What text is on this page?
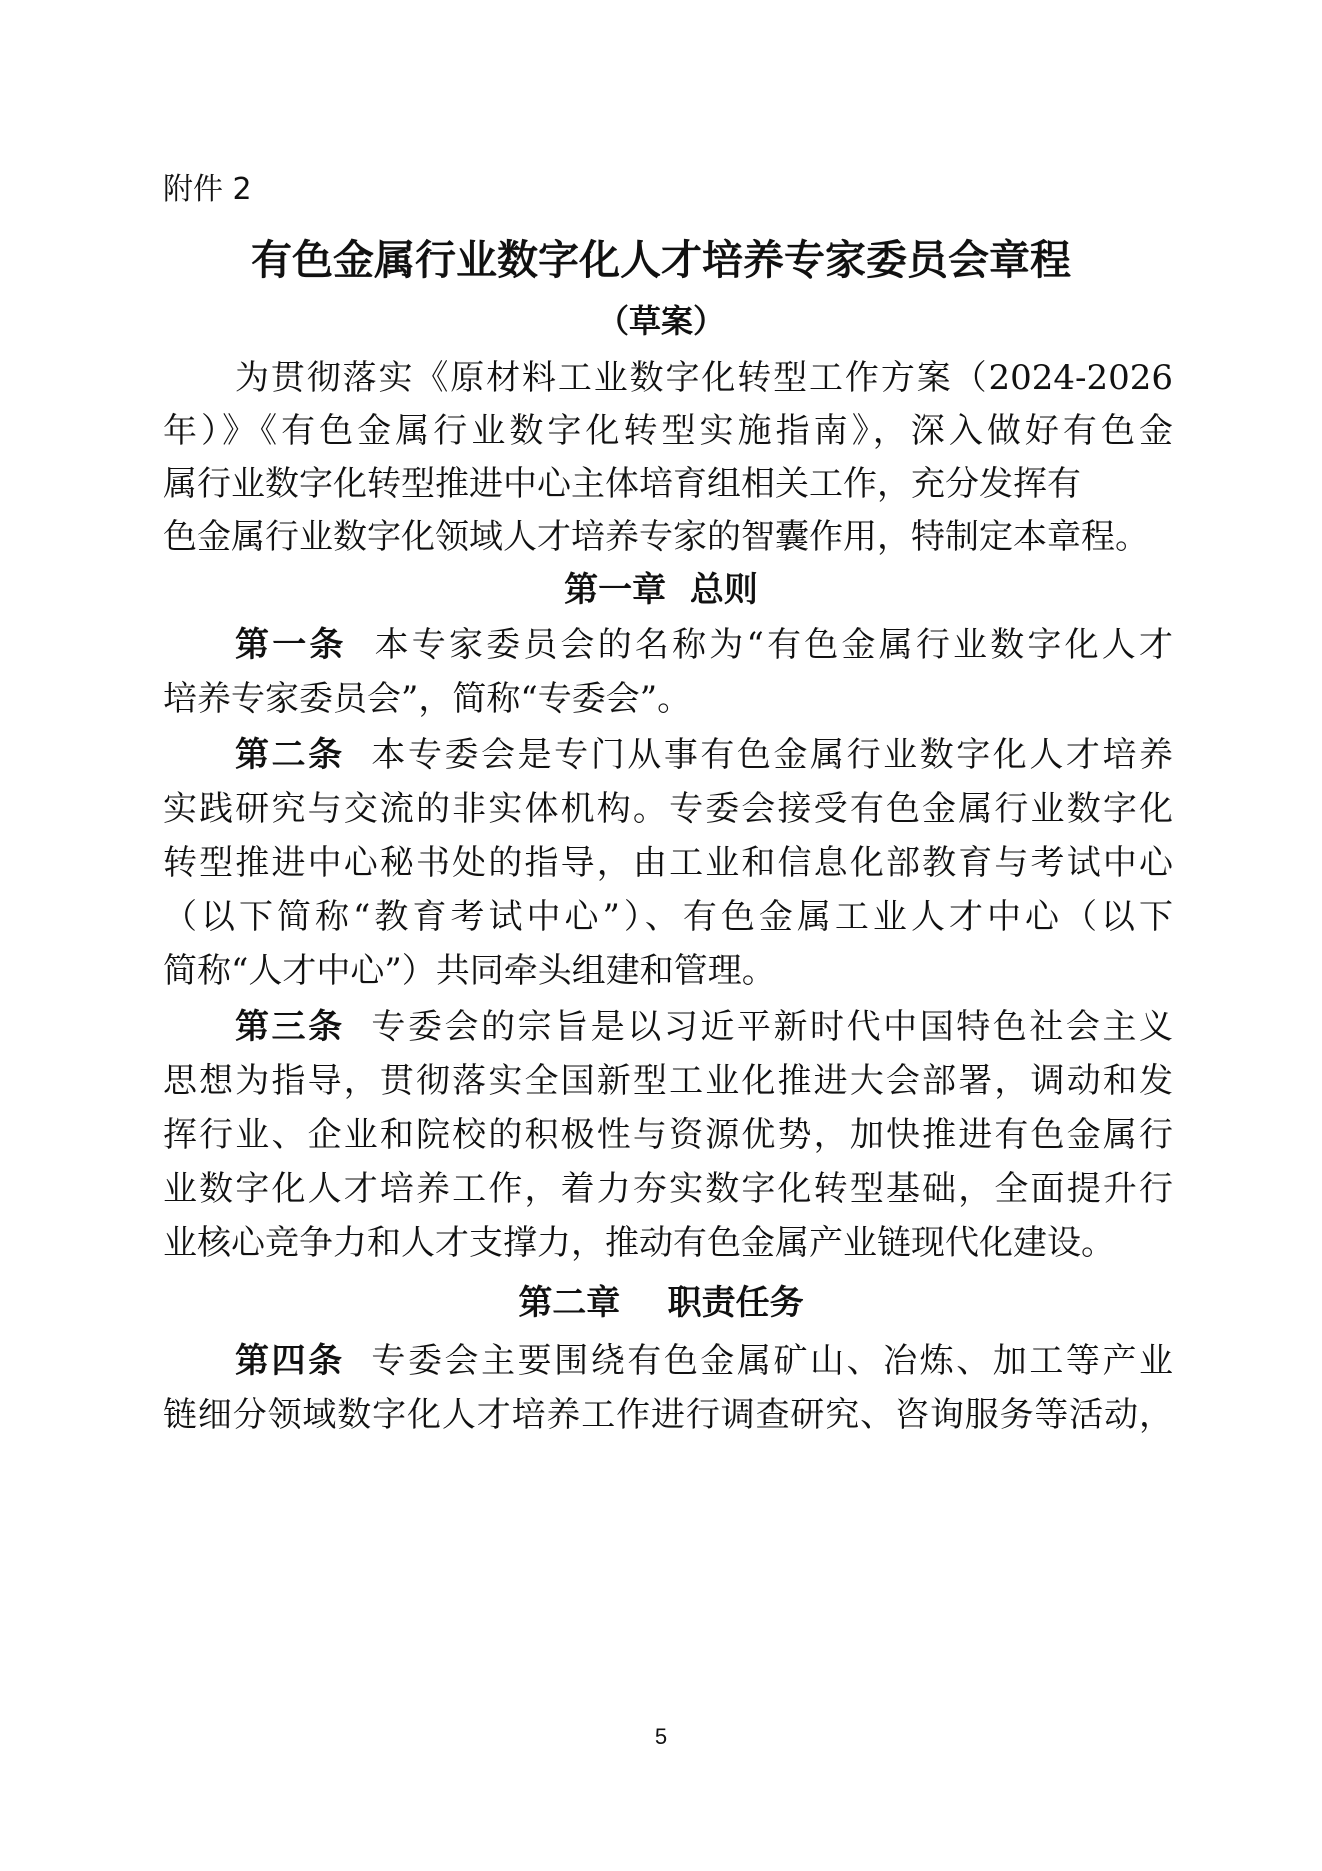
附件 2
有色金属行业数字化人才培养专家委员会章程
（草案）
为贯彻落实《原材料工业数字化转型工作方案（2024-2026
年）》《有色金属行业数字化转型实施指南》，深入做好有色金
属行业数字化转型推进中心主体培育组相关工作，充分发挥有
色金属行业数字化领域人才培养专家的智囊作用，特制定本章程。
第一章  总则
第一条 本专家委员会的名称为“有色金属行业数字化人才
培养专家委员会”，简称“专委会”。
第二条 本专委会是专门从事有色金属行业数字化人才培养
实践研究与交流的非实体机构。专委会接受有色金属行业数字化
转型推进中心秘书处的指导，由工业和信息化部教育与考试中心
（以下简称“教育考试中心”）、有色金属工业人才中心（以下
简称“人才中心”）共同牵头组建和管理。
第三条 专委会的宗旨是以习近平新时代中国特色社会主义
思想为指导，贯彻落实全国新型工业化推进大会部署，调动和发
挥行业、企业和院校的积极性与资源优势，加快推进有色金属行
业数字化人才培养工作，着力夯实数字化转型基础，全面提升行
业核心竞争力和人才支撑力，推动有色金属产业链现代化建设。
第二章    职责任务
第四条 专委会主要围绕有色金属矿山、冶炼、加工等产业
链细分领域数字化人才培养工作进行调查研究、咨询服务等活动，
5
